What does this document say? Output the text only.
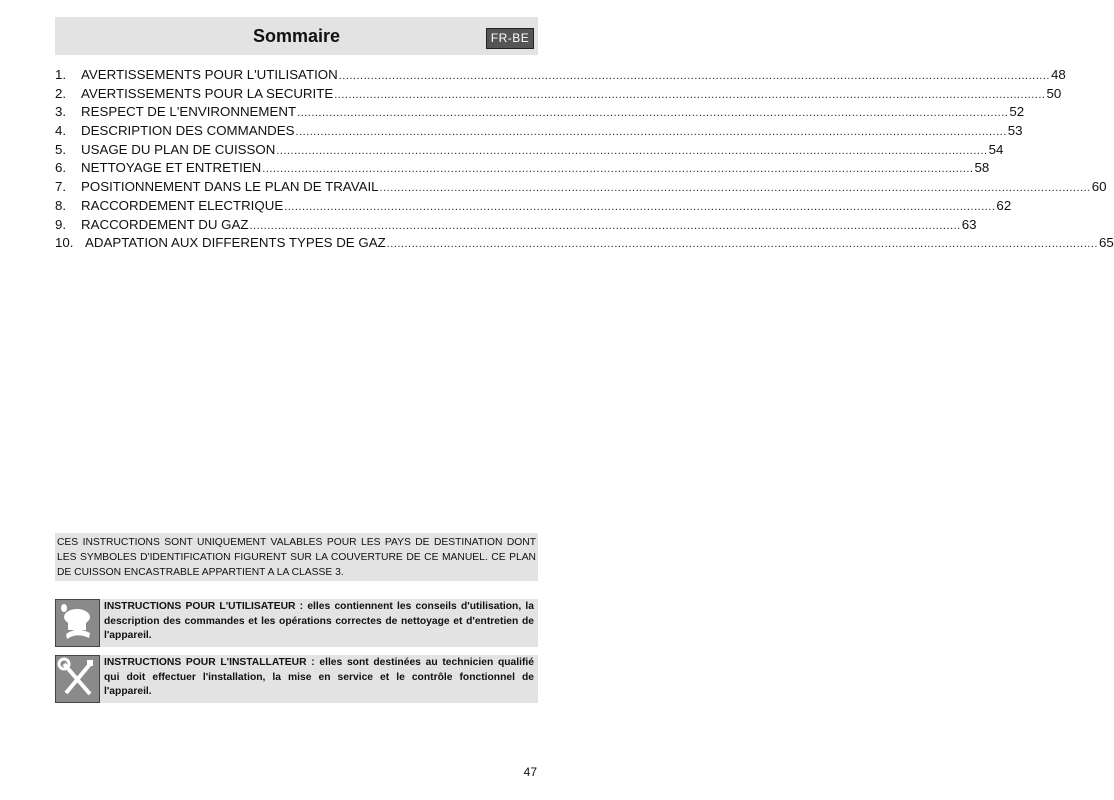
Sommaire	FR-BE
1.	AVERTISSEMENTS POUR L'UTILISATION ........................................................................................................................................................................................................ 48
2.	AVERTISSEMENTS POUR LA SECURITE ........................................................................................................................................................................................................ 50
3.	RESPECT DE L'ENVIRONNEMENT ........................................................................................................................................................................................................ 52
4.	DESCRIPTION DES COMMANDES ........................................................................................................................................................................................................ 53
5.	USAGE DU PLAN DE CUISSON ........................................................................................................................................................................................................ 54
6.	NETTOYAGE ET ENTRETIEN ........................................................................................................................................................................................................ 58
7.	POSITIONNEMENT DANS LE PLAN DE TRAVAIL ........................................................................................................................................................................................................ 60
8.	RACCORDEMENT ELECTRIQUE ........................................................................................................................................................................................................ 62
9.	RACCORDEMENT DU GAZ ........................................................................................................................................................................................................ 63
10. ADAPTATION AUX DIFFERENTS TYPES DE GAZ ........................................................................................................................................................................................................ 65
CES INSTRUCTIONS SONT UNIQUEMENT VALABLES POUR LES PAYS DE DESTINATION DONT LES SYMBOLES D'IDENTIFICATION FIGURENT SUR LA COUVERTURE DE CE MANUEL. CE PLAN DE CUISSON ENCASTRABLE APPARTIENT A LA CLASSE 3.
INSTRUCTIONS POUR L'UTILISATEUR : elles contiennent les conseils d'utilisation, la description des commandes et les opérations correctes de nettoyage et d'entretien de l'appareil.
INSTRUCTIONS POUR L'INSTALLATEUR : elles sont destinées au technicien qualifié qui doit effectuer l'installation, la mise en service et le contrôle fonctionnel de l'appareil.
47
